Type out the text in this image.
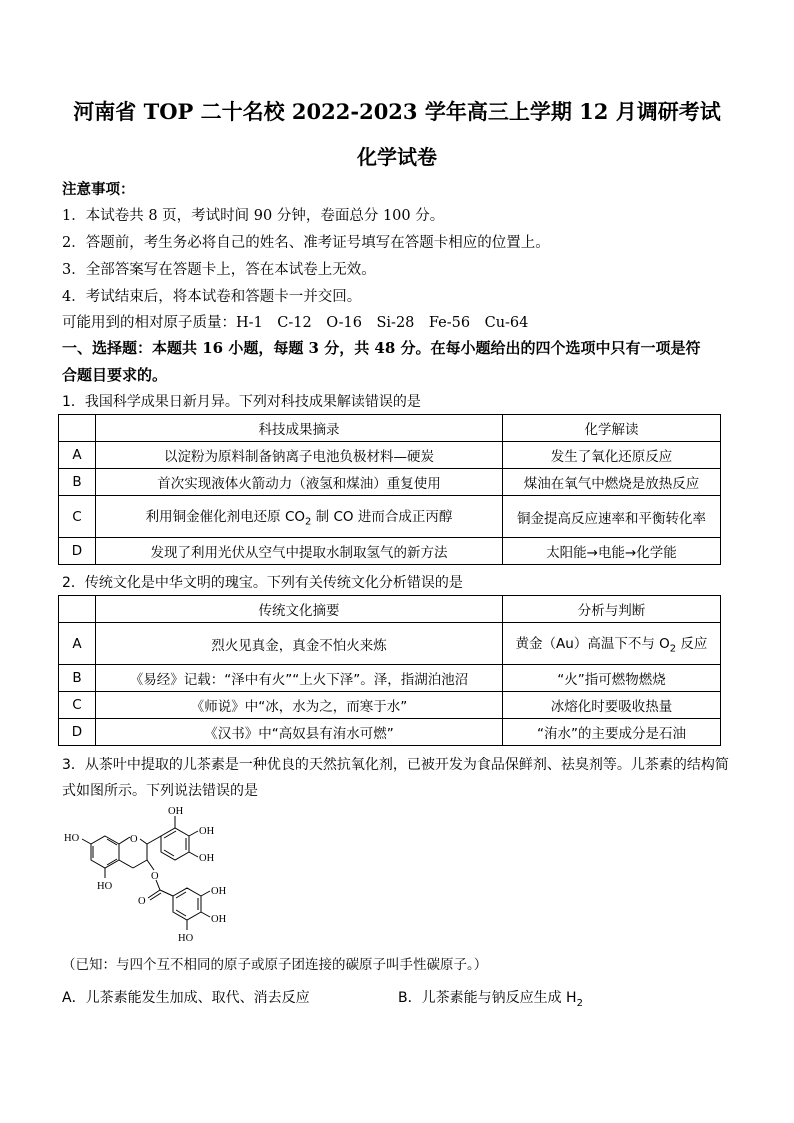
河南省 TOP 二十名校 2022-2023 学年高三上学期 12 月调研考试
化学试卷
注意事项：
1．本试卷共 8 页，考试时间 90 分钟，卷面总分 100 分。
2．答题前，考生务必将自己的姓名、准考证号填写在答题卡相应的位置上。
3．全部答案写在答题卡上，答在本试卷上无效。
4．考试结束后，将本试卷和答题卡一并交回。
可能用到的相对原子质量：H-1　C-12　O-16　Si-28　Fe-56　Cu-64
一、选择题：本题共 16 小题，每题 3 分，共 48 分。在每小题给出的四个选项中只有一项是符
合题目要求的。
1．我国科学成果日新月异。下列对科技成果解读错误的是
	科技成果摘录	化学解读
A	以淀粉为原料制备钠离子电池负极材料—硬炭	发生了氧化还原反应
B	首次实现液体火箭动力（液氢和煤油）重复使用	煤油在氧气中燃烧是放热反应
C	利用铜金催化剂电还原 $CO_2$ 制 CO 进而合成正丙醇	铜金提高反应速率和平衡转化率
D	发现了利用光伏从空气中提取水制取氢气的新方法	太阳能→电能→化学能
2．传统文化是中华文明的瑰宝。下列有关传统文化分析错误的是
	传统文化摘要	分析与判断
A	烈火见真金，真金不怕火来炼	黄金（Au）高温下不与 $O_2$ 反应
B	《易经》记载：“泽中有火”“上火下泽”。泽，指湖泊池沼	“火”指可燃物燃烧
C	《师说》中“冰，水为之，而寒于水”	冰熔化时要吸收热量
D	《汉书》中“高奴县有洧水可燃”	“洧水”的主要成分是石油
3．从茶叶中提取的儿茶素是一种优良的天然抗氧化剂，已被开发为食品保鲜剂、祛臭剂等。儿茶素的结构简
式如图所示。下列说法错误的是
OH
OH
OH
HO
HO
O
O
O
OH
OH
HO
（已知：与四个互不相同的原子或原子团连接的碳原子叫手性碳原子。）
A．儿茶素能发生加成、取代、消去反应	B．儿茶素能与钠反应生成 $H_2$
